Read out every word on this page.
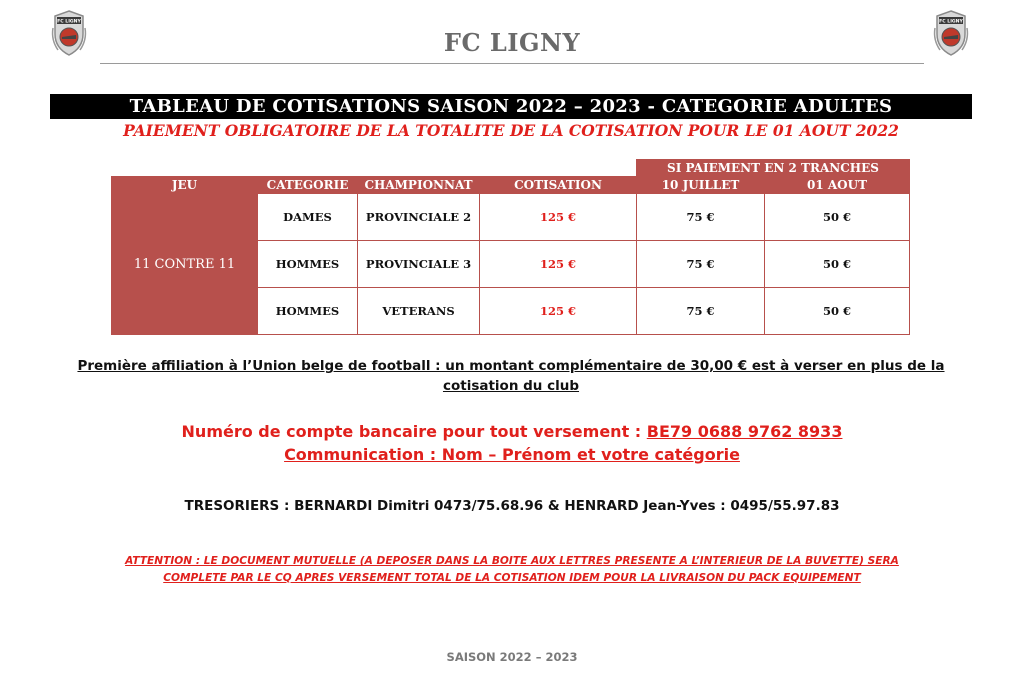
FC LIGNY	FC LIGNY
FC LIGNY
TABLEAU DE COTISATIONS SAISON 2022 – 2023 - CATEGORIE ADULTES
PAIEMENT OBLIGATOIRE DE LA TOTALITE DE LA COTISATION POUR LE 01 AOUT 2022
				SI PAIEMENT EN 2 TRANCHES	
JEU	CATEGORIE	CHAMPIONNAT	COTISATION	10 JUILLET	01 AOUT
11 CONTRE 11	DAMES	PROVINCIALE 2	125 €	75 €	50 €
	HOMMES	PROVINCIALE 3	125 €	75 €	50 €
	HOMMES	VETERANS	125 €	75 €	50 €
Première affiliation à l’Union belge de football : un montant complémentaire de 30,00 € est à verser en plus de la
cotisation du club
Numéro de compte bancaire pour tout versement : BE79 0688 9762 8933
Communication : Nom – Prénom et votre catégorie
TRESORIERS : BERNARDI Dimitri 0473/75.68.96 & HENRARD Jean-Yves : 0495/55.97.83
ATTENTION : LE DOCUMENT MUTUELLE (A DEPOSER DANS LA BOITE AUX LETTRES PRESENTE A L’INTERIEUR DE LA BUVETTE) SERA
COMPLETE PAR LE CQ APRES VERSEMENT TOTAL DE LA COTISATION IDEM POUR LA LIVRAISON DU PACK EQUIPEMENT
SAISON 2022 – 2023
